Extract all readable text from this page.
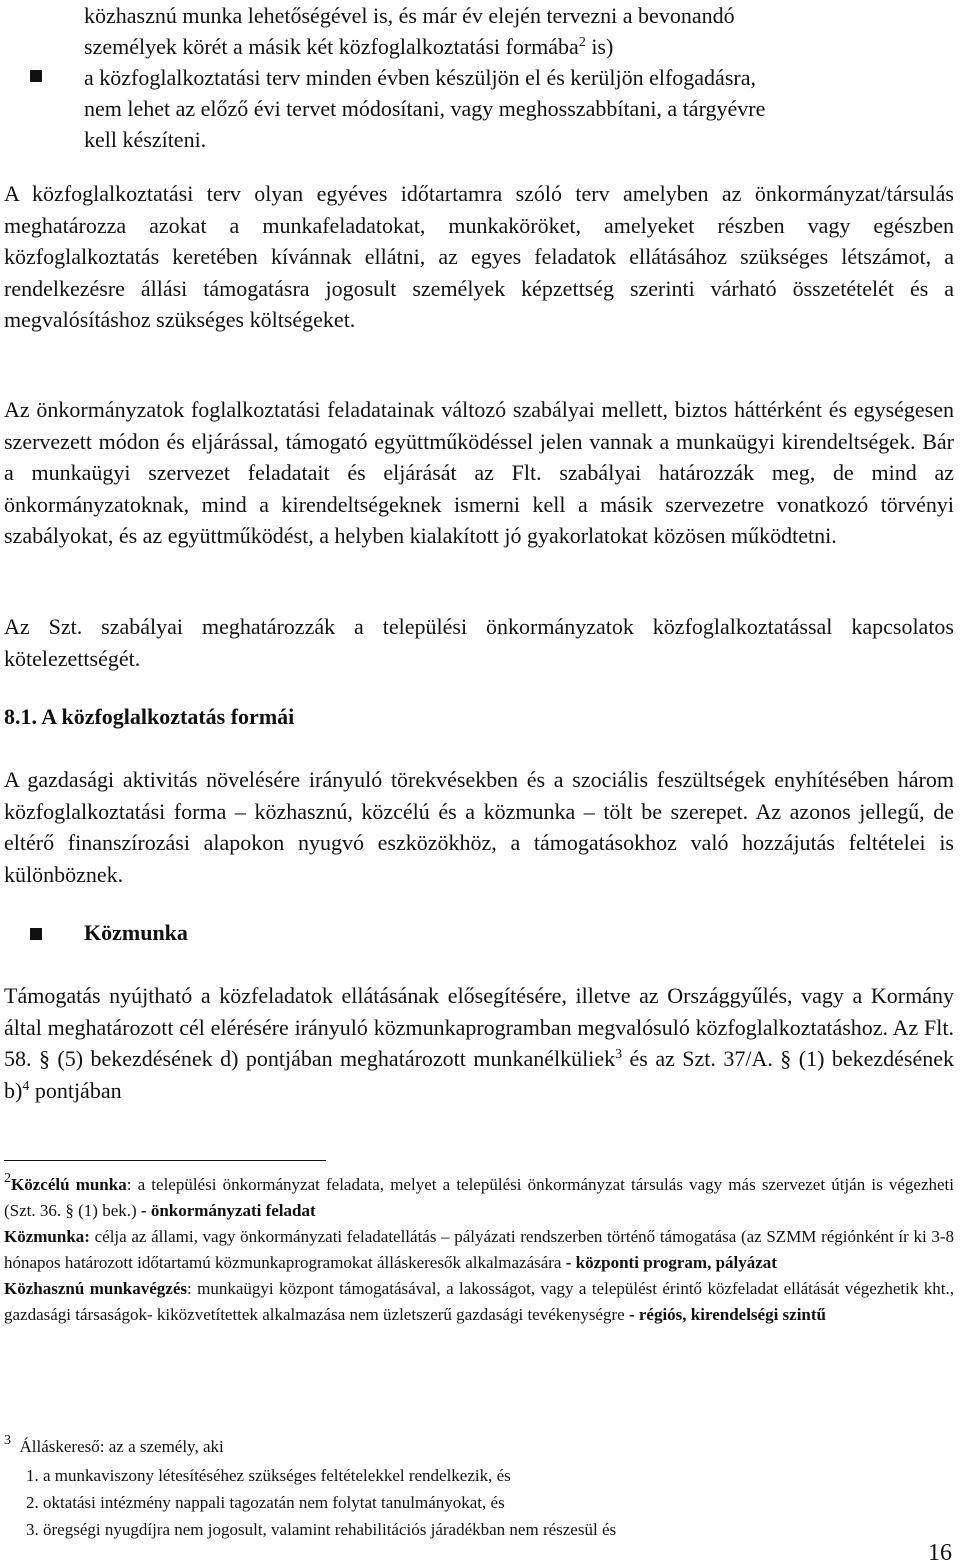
közhasznú munka lehetőségével is, és már év elején tervezni a bevonandó

személyek körét a másik két közfoglalkoztatási formába$^2$ is)

a közfoglalkoztatási terv minden évben készüljön el és kerüljön elfogadásra,

nem lehet az előző évi tervet módosítani, vagy meghosszabbítani, a tárgyévre

kell készíteni.

A közfoglalkoztatási terv olyan egyéves időtartamra szóló terv amelyben az önkormányzat/társulás meghatározza azokat a munkafeladatokat, munkaköröket, amelyeket részben vagy egészben közfoglalkoztatás keretében kívánnak ellátni, az egyes feladatok ellátásához szükséges létszámot, a rendelkezésre állási támogatásra jogosult személyek képzettség szerinti várható összetételét és a megvalósításhoz szükséges költségeket.

Az önkormányzatok foglalkoztatási feladatainak változó szabályai mellett, biztos háttérként és egységesen szervezett módon és eljárással, támogató együttműködéssel jelen vannak a munkaügyi kirendeltségek. Bár a munkaügyi szervezet feladatait és eljárását az Flt. szabályai határozzák meg, de mind az önkormányzatoknak, mind a kirendeltségeknek ismerni kell a másik szervezetre vonatkozó törvényi szabályokat, és az együttműködést, a helyben kialakított jó gyakorlatokat közösen működtetni.

Az Szt. szabályai meghatározzák a települési önkormányzatok közfoglalkoztatással kapcsolatos kötelezettségét.

8.1. A közfoglalkoztatás formái

A gazdasági aktivitás növelésére irányuló törekvésekben és a szociális feszültségek enyhítésében három közfoglalkoztatási forma – közhasznú, közcélú és a közmunka – tölt be szerepet. Az azonos jellegű, de eltérő finanszírozási alapokon nyugvó eszközökhöz, a támogatásokhoz való hozzájutás feltételei is különböznek.

Közmunka

Támogatás nyújtható a közfeladatok ellátásának elősegítésére, illetve az Országgyűlés, vagy a Kormány által meghatározott cél elérésére irányuló közmunkaprogramban megvalósuló közfoglalkoztatáshoz. Az Flt. 58. § (5) bekezdésének d) pontjában meghatározott munkanélküliek$^3$ és az Szt. 37/A. § (1) bekezdésének b)$^4$ pontjában

$^2$Közcélú munka: a települési önkormányzat feladata, melyet a települési önkormányzat társulás vagy más szervezet útján is végezheti (Szt. 36. § (1) bek.) - önkormányzati feladat
Közmunka: célja az állami, vagy önkormányzati feladatellátás – pályázati rendszerben történő támogatása (az SZMM régiónként ír ki 3-8 hónapos határozott időtartamú közmunkaprogramokat álláskeresők alkalmazására - központi program, pályázat
Közhasznú munkavégzés: munkaügyi központ támogatásával, a lakosságot, vagy a települést érintő közfeladat ellátását végezhetik kht., gazdasági társaságok- kiközvetítettek alkalmazása nem üzletszerű gazdasági tevékenységre - régiós, kirendelségi szintű

$^3$ Álláskereső: az a személy, aki

1. a munkaviszony létesítéséhez szükséges feltételekkel rendelkezik, és

2. oktatási intézmény nappali tagozatán nem folytat tanulmányokat, és

3. öregségi nyugdíjra nem jogosult, valamint rehabilitációs járadékban nem részesül és

16
